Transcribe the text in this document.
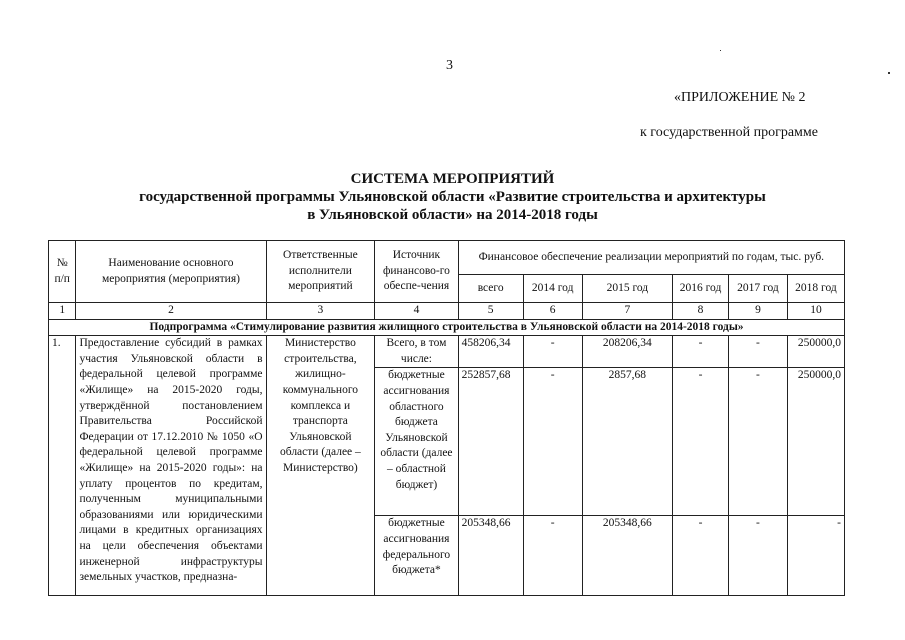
3
«ПРИЛОЖЕНИЕ № 2
к государственной программе
СИСТЕМА МЕРОПРИЯТИЙ
государственной программы Ульяновской области «Развитие строительства и архитектуры
в Ульяновской области» на 2014-2018 годы
№ п/п	Наименование основного мероприятия (мероприятия)	Ответственные исполнители мероприятий	Источник финансово-го обеспе-чения	Финансовое обеспечение реализации мероприятий по годам, тыс. руб.					
				всего	2014 год	2015 год	2016 год	2017 год	2018 год
1	2	3	4	5	6	7	8	9	10
Подпрограмма «Стимулирование развития жилищного строительства в Ульяновской области на 2014-2018 годы»									
1.	Предоставление субсидий в рамках участия Ульяновской области в федеральной целевой программе «Жилище» на 2015-2020 годы, утверждённой постановлением Правительства Российской Федерации от 17.12.2010 № 1050 «О федеральной целевой программе «Жилище» на 2015-2020 годы»: на уплату процентов по кредитам, полученным муниципальными образованиями или юридическими лицами в кредитных организациях на цели обеспечения объектами инженерной инфраструктуры земельных участков, предназна-	Министерство строительства, жилищно-коммунального комплекса и транспорта Ульяновской области (далее – Министерство)	Всего, в том числе:	458206,34	-	208206,34	-	-	250000,0
			бюджетные ассигнования областного бюджета Ульяновской области (далее – областной бюджет)	252857,68	-	2857,68	-	-	250000,0
			бюджетные ассигнования федерального бюджета*	205348,66	-	205348,66	-	-	-
